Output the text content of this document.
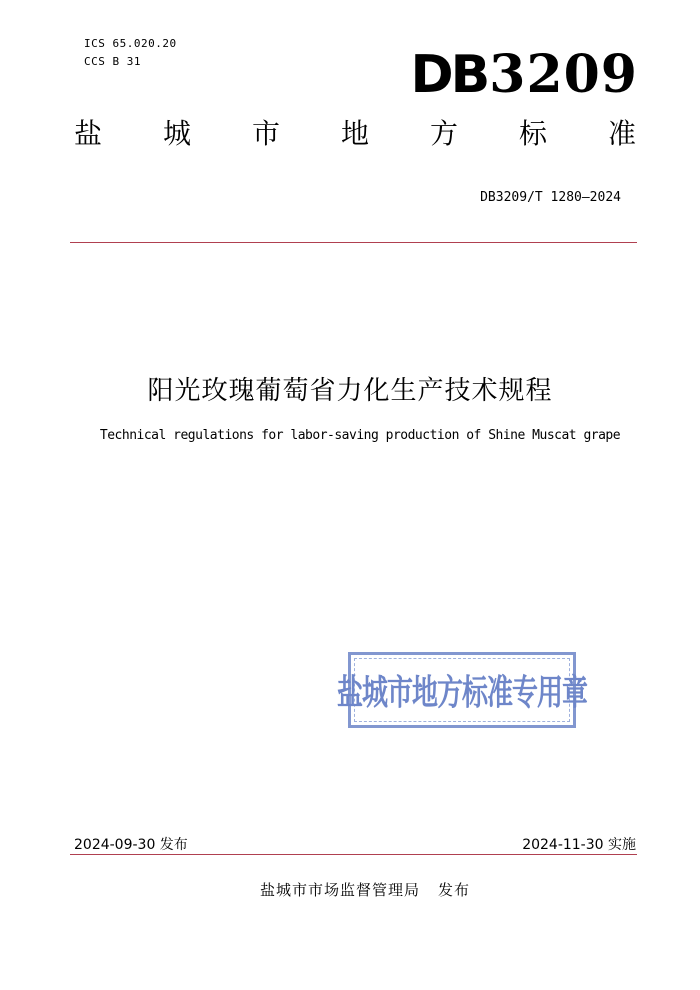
ICS 65.020.20
CCS B 31	DB 3209
盐 城 市 地 方 标 准
DB3209/T 1280—2024
阳光玫瑰葡萄省力化生产技术规程
Technical regulations for labor-saving production of Shine Muscat grape
盐城市地方标准专用章
2024-09-30 发布	2024-11-30 实施
盐城市市场监督管理局 发布
